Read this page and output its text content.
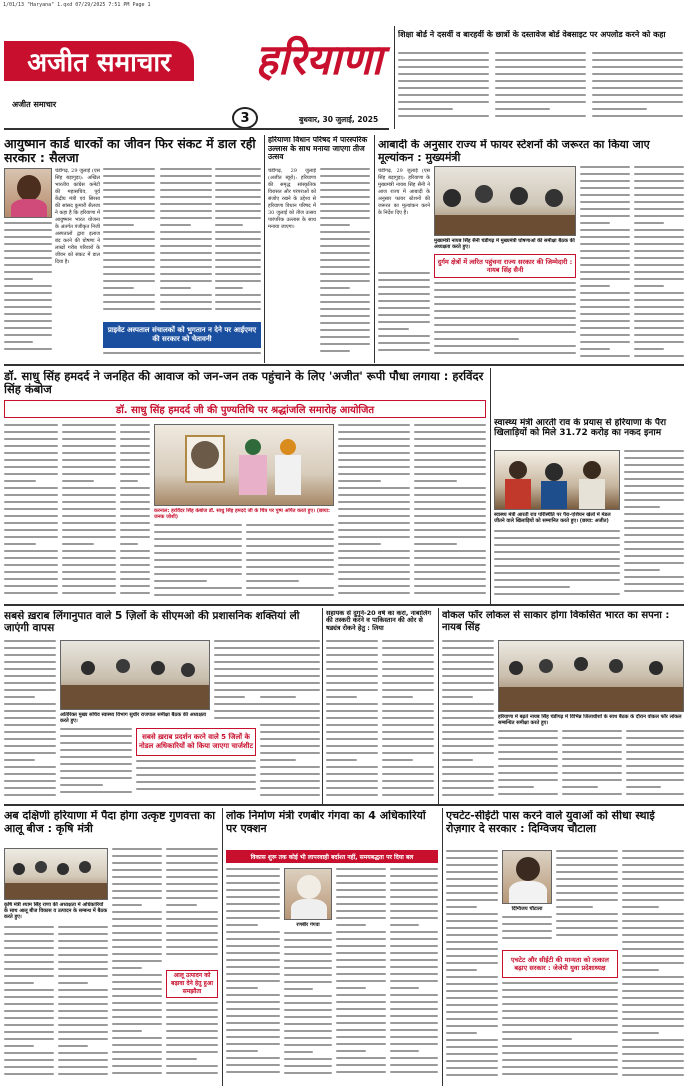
1/01/13 "Haryana" 1.qxd 07/29/2025 7:51 PM Page 1
अजीत समाचार
अजीत समाचार
हरियाणा
3	बुधवार, 30 जुलाई, 2025
शिक्षा बोर्ड ने दसवीं व बारहवीं के छात्रों के दस्तावेज बोर्ड वेबसाइट पर अपलोड करने को कहा
आयुष्मान कार्ड धारकों का जीवन फिर संकट में डाल रही सरकार : सैलजा
चंडीगढ़, 29 जुलाई (एस सिंह बड़ागुड़ा): अखिल भारतीय कांग्रेस कमेटी की महासचिव, पूर्व केंद्रीय मंत्री एवं सिरसा की सांसद कुमारी सैलजा ने कहा है कि हरियाणा में आयुष्मान भारत योजना के अंतर्गत पंजीकृत निजी अस्पतालों द्वारा इलाज बंद करने की घोषणा ने लाखों गरीब परिवारों के जीवन को संकट में डाल दिया है।
प्राइवेट अस्पताल संचालकों को भुगतान न देने पर आईएमए की सरकार को चेतावनी
हरियाणा विधान परिषद में पारस्परिक उल्लास के साथ मनाया जाएगा तीज उत्सव
चंडीगढ़, 29 जुलाई (अजीत ब्यूरो): हरियाणा की समृद्ध सांस्कृतिक विरासत और परंपराओं को संजोए रखने के उद्देश्य से हरियाणा विधान परिषद में 30 जुलाई को तीज उत्सव पारंपरिक उल्लास के साथ मनाया जाएगा।
आबादी के अनुसार राज्य में फायर स्टेशनों की जरूरत का किया जाए मूल्यांकन : मुख्यमंत्री
चंडीगढ़, 29 जुलाई (एस सिंह बड़ागुड़ा): हरियाणा के मुख्यमंत्री नायब सिंह सैनी ने आज राज्य में आबादी के अनुसार फायर स्टेशनों की जरूरत का मूल्यांकन करने के निर्देश दिए हैं।
मुख्यमंत्री नायब सिंह सैनी चंडीगढ़ में मुख्यमंत्री घोषणाओं की समीक्षा बैठक की अध्यक्षता करते हुए।
दुर्गम क्षेत्रों में त्वरित पहुंचना राज्य सरकार की जिम्मेदारी : नायब सिंह सैनी
डॉ. साधु सिंह हमदर्द ने जनहित की आवाज को जन-जन तक पहुंचाने के लिए 'अजीत' रूपी पौधा लगाया : हरविंदर सिंह कंबोज
डॉ. साधु सिंह हमदर्द जी की पुण्यतिथि पर श्रद्धांजलि समारोह आयोजित
करनाल: हरविंदर सिंह कंबोज डॉ. साधु सिंह हमदर्द जी के चित्र पर पुष्प अर्पित करते हुए। (छाया: जनक जोशी)
स्वास्थ्य मंत्री आरती राव के प्रयास से हरियाणा के पैरा खिलाड़ियों को मिले 31.72 करोड़ का नकद इनाम
स्वास्थ्य मंत्री आरती राव परिस्थिति पर पैरा-एशियन खेलों में मेडल जीतने वाले खिलाड़ियों को सम्मानित करते हुए। (छाया: अजीत)
सबसे ख़राब लिंगानुपात वाले 5 ज़िलों के सीएमओ की प्रशासनिक शक्तियां ली जाएंगी वापस
अतिरिक्त मुख्य सचिव स्वास्थ्य विभाग सुधीर राजपाल समीक्षा बैठक की अध्यक्षता करते हुए।
सबसे ख़राब प्रदर्शन करने वाले 5 जिलों के नोडल अधिकारियों को किया जाएगा चार्जशीट
सहायक से दुगुने-20 वर्ष का करा, नाबालिग की तस्करी करने व पाकिस्तान की ओर से षड्यंत्र रोकने हेतु : लिया
वोकल फॉर लोकल से साकार होगा विकसित भारत का सपना : नायब सिंह
हरियाणा में बढ़ते नायब सिंह चंडीगढ़ में विभिन्न जिलाधीशों के साथ बैठक के दौरान वोकल फॉर लोकल सम्बन्धित समीक्षा करते हुए।
अब दक्षिणी हरियाणा में पैदा होगा उत्कृष्ट गुणवत्ता का आलू बीज : कृषि मंत्री
कृषि मंत्री श्याम सिंह राणा की अध्यक्षता में अधिकारियों के साथ आलू बीज विकास व उत्पादन के सम्बन्ध में बैठक करते हुए।
आलू उत्पादन को बढ़ावा देने हेतु हुआ समझौता
लोक निर्माण मंत्री रणबीर गंगवा का 4 अधिकारियों पर एक्शन
विकास शुरू तक कोई भी लापरवाही बर्दाश्त नहीं, समयबद्धता पर दिया बल
रणबीर गंगवा
एचटेट-सीईटी पास करने वाले युवाओं को सीधा स्थाई रोज़गार दे सरकार : दिग्विजय चौटाला
दिग्विजय चौटाला
एचटेट और सीईटी की मान्यता को तत्काल बढ़ाए सरकार : जेजेपी युवा प्रदेशाध्यक्ष
